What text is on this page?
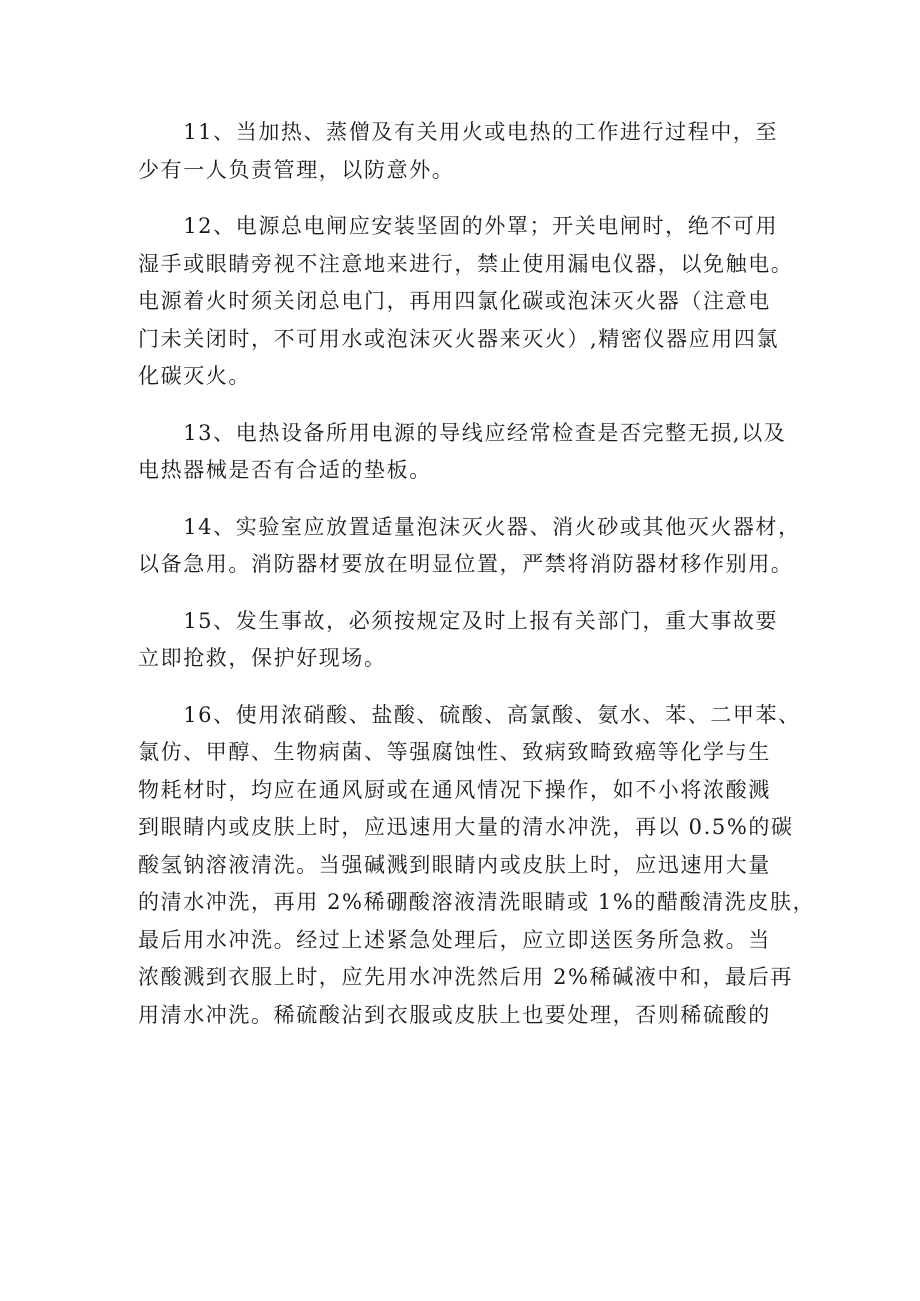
　　11、当加热、蒸僧及有关用火或电热的工作进行过程中，至
少有一人负责管理，以防意外。
　　12、电源总电闸应安装坚固的外罩；开关电闸时，绝不可用
湿手或眼睛旁视不注意地来进行，禁止使用漏电仪器，以免触电。
电源着火时须关闭总电门，再用四氯化碳或泡沫灭火器（注意电
门未关闭时，不可用水或泡沫灭火器来灭火）,精密仪器应用四氯
化碳灭火。
　　13、电热设备所用电源的导线应经常检查是否完整无损,以及
电热器械是否有合适的垫板。
　　14、实验室应放置适量泡沫灭火器、消火砂或其他灭火器材，
以备急用。消防器材要放在明显位置，严禁将消防器材移作别用。
　　15、发生事故，必须按规定及时上报有关部门，重大事故要
立即抢救，保护好现场。
　　16、使用浓硝酸、盐酸、硫酸、高氯酸、氨水、苯、二甲苯、
氯仿、甲醇、生物病菌、等强腐蚀性、致病致畸致癌等化学与生
物耗材时，均应在通风厨或在通风情况下操作，如不小将浓酸溅
到眼睛内或皮肤上时，应迅速用大量的清水冲洗，再以 0.5%的碳
酸氢钠溶液清洗。当强碱溅到眼睛内或皮肤上时，应迅速用大量
的清水冲洗，再用 2%稀硼酸溶液清洗眼睛或 1%的醋酸清洗皮肤，
最后用水冲洗。经过上述紧急处理后，应立即送医务所急救。当
浓酸溅到衣服上时，应先用水冲洗然后用 2%稀碱液中和，最后再
用清水冲洗。稀硫酸沾到衣服或皮肤上也要处理，否则稀硫酸的
